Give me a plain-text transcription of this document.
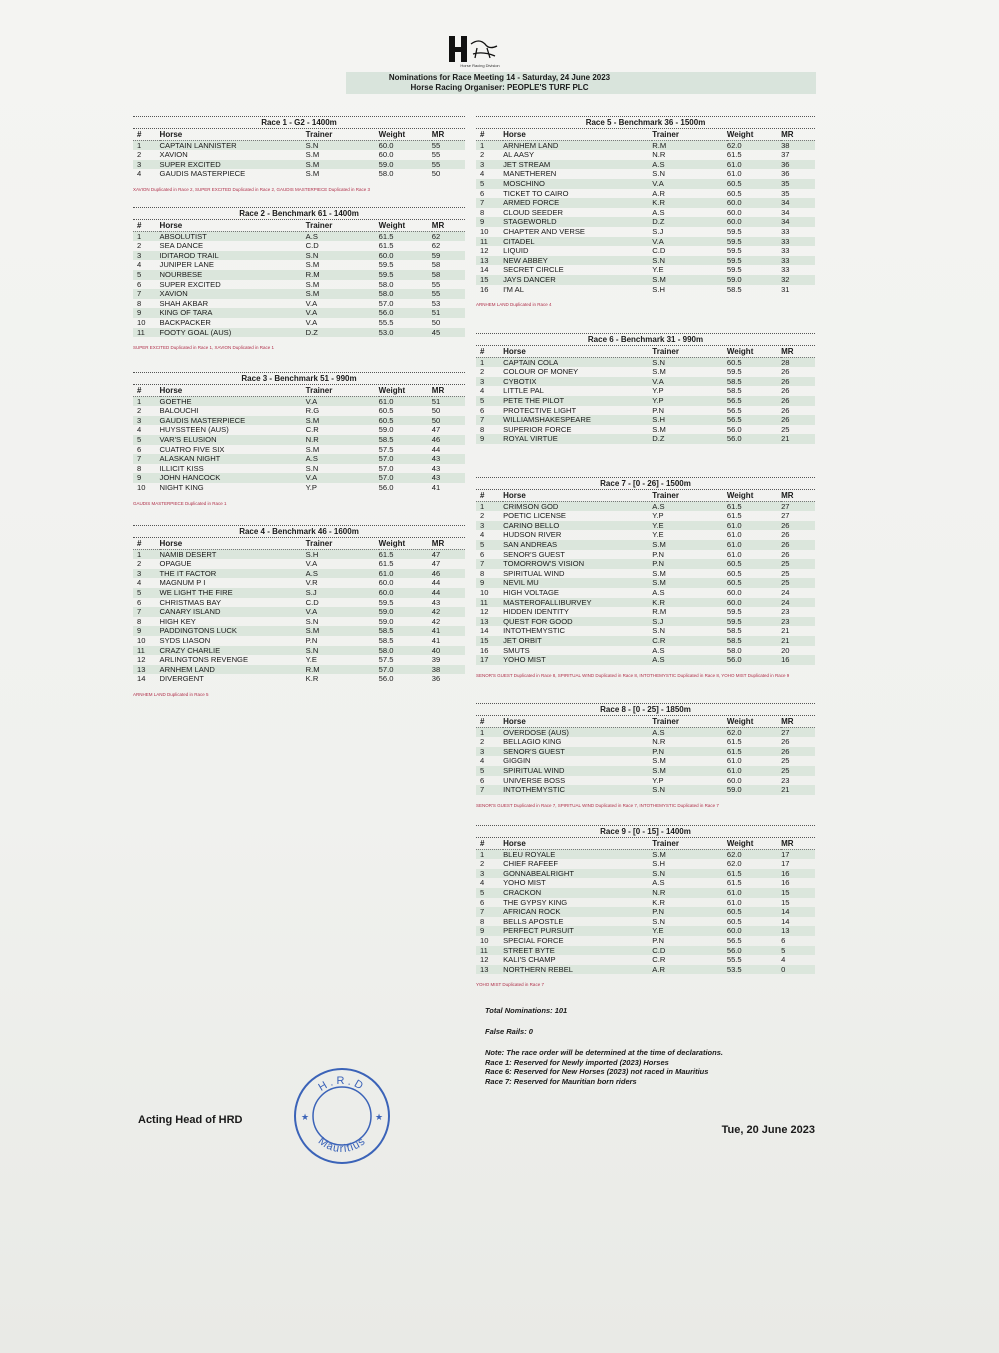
Horse Racing Division
Nominations for Race Meeting 14 - Saturday, 24 June 2023
Horse Racing Organiser: PEOPLE'S TURF PLC
Race 1 - G2 - 1400m
#	Horse	Trainer	Weight	MR
1	CAPTAIN LANNISTER	S.N	60.0	55
2	XAVION	S.M	60.0	55
3	SUPER EXCITED	S.M	59.0	55
4	GAUDIS MASTERPIECE	S.M	58.0	50
XAVION Duplicated in Race 2, SUPER EXCITED Duplicated in Race 2, GAUDIS MASTERPIECE Duplicated in Race 3
Race 2 - Benchmark 61 - 1400m
#	Horse	Trainer	Weight	MR
1	ABSOLUTIST	A.S	61.5	62
2	SEA DANCE	C.D	61.5	62
3	IDITAROD TRAIL	S.N	60.0	59
4	JUNIPER LANE	S.M	59.5	58
5	NOURBESE	R.M	59.5	58
6	SUPER EXCITED	S.M	58.0	55
7	XAVION	S.M	58.0	55
8	SHAH AKBAR	V.A	57.0	53
9	KING OF TARA	V.A	56.0	51
10	BACKPACKER	V.A	55.5	50
11	FOOTY GOAL (AUS)	D.Z	53.0	45
SUPER EXCITED Duplicated in Race 1, XAVION Duplicated in Race 1
Race 3 - Benchmark 51 - 990m
#	Horse	Trainer	Weight	MR
1	GOETHE	V.A	61.0	51
2	BALOUCHI	R.G	60.5	50
3	GAUDIS MASTERPIECE	S.M	60.5	50
4	HUYSSTEEN (AUS)	C.R	59.0	47
5	VAR'S ELUSION	N.R	58.5	46
6	CUATRO FIVE SIX	S.M	57.5	44
7	ALASKAN NIGHT	A.S	57.0	43
8	ILLICIT KISS	S.N	57.0	43
9	JOHN HANCOCK	V.A	57.0	43
10	NIGHT KING	Y.P	56.0	41
GAUDIS MASTERPIECE Duplicated in Race 1
Race 4 - Benchmark 46 - 1600m
#	Horse	Trainer	Weight	MR
1	NAMIB DESERT	S.H	61.5	47
2	OPAGUE	V.A	61.5	47
3	THE IT FACTOR	A.S	61.0	46
4	MAGNUM P I	V.R	60.0	44
5	WE LIGHT THE FIRE	S.J	60.0	44
6	CHRISTMAS BAY	C.D	59.5	43
7	CANARY ISLAND	V.A	59.0	42
8	HIGH KEY	S.N	59.0	42
9	PADDINGTONS LUCK	S.M	58.5	41
10	SYDS LIASON	P.N	58.5	41
11	CRAZY CHARLIE	S.N	58.0	40
12	ARLINGTONS REVENGE	Y.E	57.5	39
13	ARNHEM LAND	R.M	57.0	38
14	DIVERGENT	K.R	56.0	36
ARNHEM LAND Duplicated in Race 5
Race 5 - Benchmark 36 - 1500m
#	Horse	Trainer	Weight	MR
1	ARNHEM LAND	R.M	62.0	38
2	AL AASY	N.R	61.5	37
3	JET STREAM	A.S	61.0	36
4	MANETHEREN	S.N	61.0	36
5	MOSCHINO	V.A	60.5	35
6	TICKET TO CAIRO	A.R	60.5	35
7	ARMED FORCE	K.R	60.0	34
8	CLOUD SEEDER	A.S	60.0	34
9	STAGEWORLD	D.Z	60.0	34
10	CHAPTER AND VERSE	S.J	59.5	33
11	CITADEL	V.A	59.5	33
12	LIQUID	C.D	59.5	33
13	NEW ABBEY	S.N	59.5	33
14	SECRET CIRCLE	Y.E	59.5	33
15	JAYS DANCER	S.M	59.0	32
16	I'M AL	S.H	58.5	31
ARNHEM LAND Duplicated in Race 4
Race 6 - Benchmark 31 - 990m
#	Horse	Trainer	Weight	MR
1	CAPTAIN COLA	S.N	60.5	28
2	COLOUR OF MONEY	S.M	59.5	26
3	CYBOTIX	V.A	58.5	26
4	LITTLE PAL	Y.P	58.5	26
5	PETE THE PILOT	Y.P	56.5	26
6	PROTECTIVE LIGHT	P.N	56.5	26
7	WILLIAMSHAKESPEARE	S.H	56.5	26
8	SUPERIOR FORCE	S.M	56.0	25
9	ROYAL VIRTUE	D.Z	56.0	21
Race 7 - [0 - 26] - 1500m
#	Horse	Trainer	Weight	MR
1	CRIMSON GOD	A.S	61.5	27
2	POETIC LICENSE	Y.P	61.5	27
3	CARINO BELLO	Y.E	61.0	26
4	HUDSON RIVER	Y.E	61.0	26
5	SAN ANDREAS	S.M	61.0	26
6	SENOR'S GUEST	P.N	61.0	26
7	TOMORROW'S VISION	P.N	60.5	25
8	SPIRITUAL WIND	S.M	60.5	25
9	NEVIL MU	S.M	60.5	25
10	HIGH VOLTAGE	A.S	60.0	24
11	MASTEROFALLIBURVEY	K.R	60.0	24
12	HIDDEN IDENTITY	R.M	59.5	23
13	QUEST FOR GOOD	S.J	59.5	23
14	INTOTHEMYSTIC	S.N	58.5	21
15	JET ORBIT	C.R	58.5	21
16	SMUTS	A.S	58.0	20
17	YOHO MIST	A.S	56.0	16
SENOR'S GUEST Duplicated in Race 8, SPIRITUAL WIND Duplicated in Race 8, INTOTHEMYSTIC Duplicated in Race 8, YOHO MIST Duplicated in Race 9
Race 8 - [0 - 25] - 1850m
#	Horse	Trainer	Weight	MR
1	OVERDOSE (AUS)	A.S	62.0	27
2	BELLAGIO KING	N.R	61.5	26
3	SENOR'S GUEST	P.N	61.5	26
4	GIGGIN	S.M	61.0	25
5	SPIRITUAL WIND	S.M	61.0	25
6	UNIVERSE BOSS	Y.P	60.0	23
7	INTOTHEMYSTIC	S.N	59.0	21
SENOR'S GUEST Duplicated in Race 7, SPIRITUAL WIND Duplicated in Race 7, INTOTHEMYSTIC Duplicated in Race 7
Race 9 - [0 - 15] - 1400m
#	Horse	Trainer	Weight	MR
1	BLEU ROYALE	S.M	62.0	17
2	CHIEF RAFEEF	S.H	62.0	17
3	GONNABEALRIGHT	S.N	61.5	16
4	YOHO MIST	A.S	61.5	16
5	CRACKON	N.R	61.0	15
6	THE GYPSY KING	K.R	61.0	15
7	AFRICAN ROCK	P.N	60.5	14
8	BELLS APOSTLE	S.N	60.5	14
9	PERFECT PURSUIT	Y.E	60.0	13
10	SPECIAL FORCE	P.N	56.5	6
11	STREET BYTE	C.D	56.0	5
12	KALI'S CHAMP	C.R	55.5	4
13	NORTHERN REBEL	A.R	53.5	0
YOHO MIST Duplicated in Race 7
Total Nominations: 101
False Rails: 0
Note: The race order will be determined at the time of declarations.
Race 1: Reserved for Newly imported (2023) Horses
Race 6: Reserved for New Horses (2023) not raced in Mauritius
Race 7: Reserved for Mauritian born riders
Acting Head of HRD
Tue, 20 June 2023
H.R.D
Mauritius
★	★
